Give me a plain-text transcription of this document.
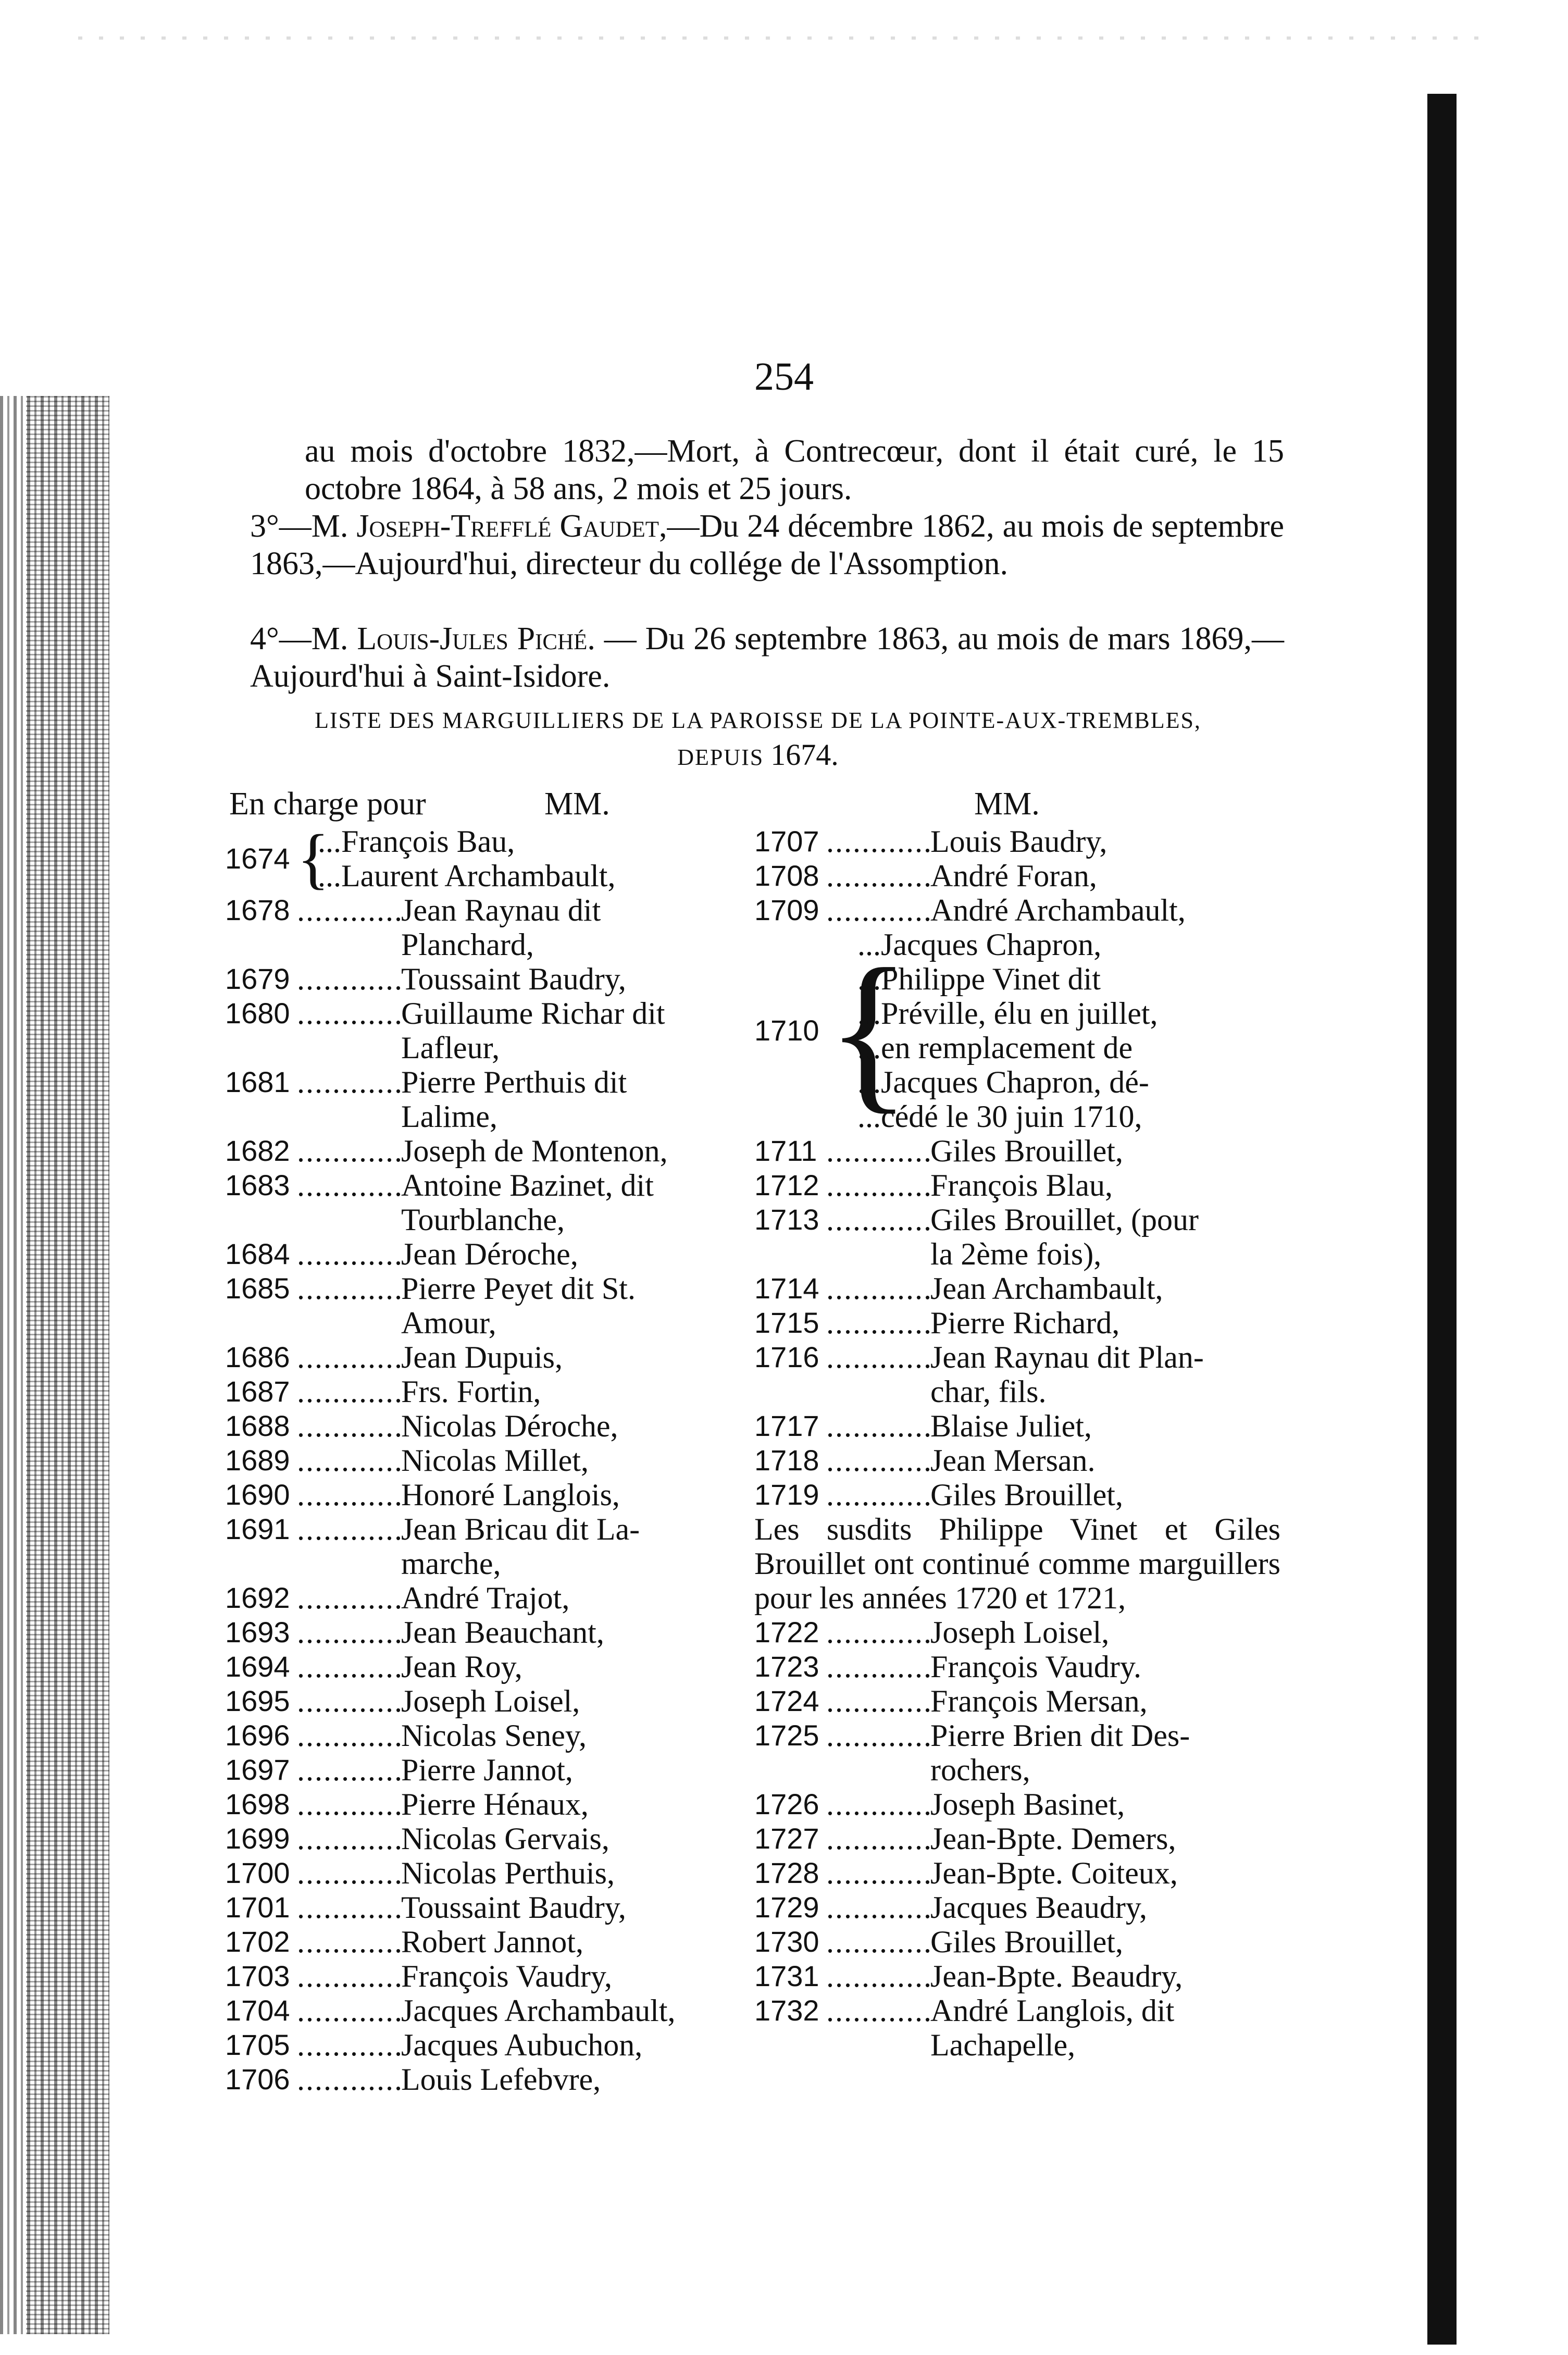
254
au mois d'octobre 1832,—Mort, à Contrecœur, dont il était curé, le 15 octobre 1864, à 58 ans, 2 mois et 25 jours.
3°—M. Joseph-Trefflé Gaudet,—Du 24 décembre 1862, au mois de septembre 1863,—Aujourd'hui, directeur du collége de l'Assomption.
4°—M. Louis-Jules Piché. — Du 26 septembre 1863, au mois de mars 1869,—Aujourd'hui à Saint-Isidore.
LISTE DES MARGUILLIERS DE LA PAROISSE DE LA POINTE-AUX-TREMBLES,
DEPUIS 1674.
En charge pour	MM.	MM.
1674 {
...François Bau,
...Laurent Archambault,
1678 .....	Jean Raynau dit
Planchard,
1679 .....	Toussaint Baudry,
1680 .....	Guillaume Richar dit
Lafleur,
1681 .....	Pierre Perthuis dit
Lalime,
1682 .....	Joseph de Montenon,
1683 .....	Antoine Bazinet, dit
Tourblanche,
1684 .....	Jean Déroche,
1685 .....	Pierre Peyet dit St.
Amour,
1686 .....	Jean Dupuis,
1687 .....	Frs. Fortin,
1688 .....	Nicolas Déroche,
1689 .....	Nicolas Millet,
1690 .....	Honoré Langlois,
1691 .....	Jean Bricau dit La-
marche,
1692 .....	André Trajot,
1693 .....	Jean Beauchant,
1694 .....	Jean Roy,
1695 .....	Joseph Loisel,
1696 .....	Nicolas Seney,
1697 .....	Pierre Jannot,
1698 .....	Pierre Hénaux,
1699 .....	Nicolas Gervais,
1700 .....	Nicolas Perthuis,
1701 .....	Toussaint Baudry,
1702 .....	Robert Jannot,
1703 .....	François Vaudry,
1704 .....	Jacques Archambault,
1705 .....	Jacques Aubuchon,
1706 .....	Louis Lefebvre,
1707 .....	Louis Baudry,
1708 .....	André Foran,
1709 .....	André Archambault,
1710 {
...Jacques Chapron,
...Philippe Vinet dit
...Préville, élu en juillet,
...en remplacement de
...Jacques Chapron, dé-
...cédé le 30 juin 1710,
1711 .....	Giles Brouillet,
1712 .....	François Blau,
1713 .....	Giles Brouillet, (pour
la 2ème fois),
1714 .....	Jean Archambault,
1715 .....	Pierre Richard,
1716 .....	Jean Raynau dit Plan-
char, fils.
1717 .....	Blaise Juliet,
1718 .....	Jean Mersan.
1719 .....	Giles Brouillet,
Les susdits Philippe Vinet et Giles Brouillet ont continué comme marguillers pour les années 1720 et 1721,
1722 .....	Joseph Loisel,
1723 .....	François Vaudry.
1724 .....	François Mersan,
1725 .....	Pierre Brien dit Des-
rochers,
1726 .....	Joseph Basinet,
1727 .....	Jean-Bpte. Demers,
1728 .....	Jean-Bpte. Coiteux,
1729 .....	Jacques Beaudry,
1730 .....	Giles Brouillet,
1731 .....	Jean-Bpte. Beaudry,
1732 .....	André Langlois, dit
Lachapelle,
